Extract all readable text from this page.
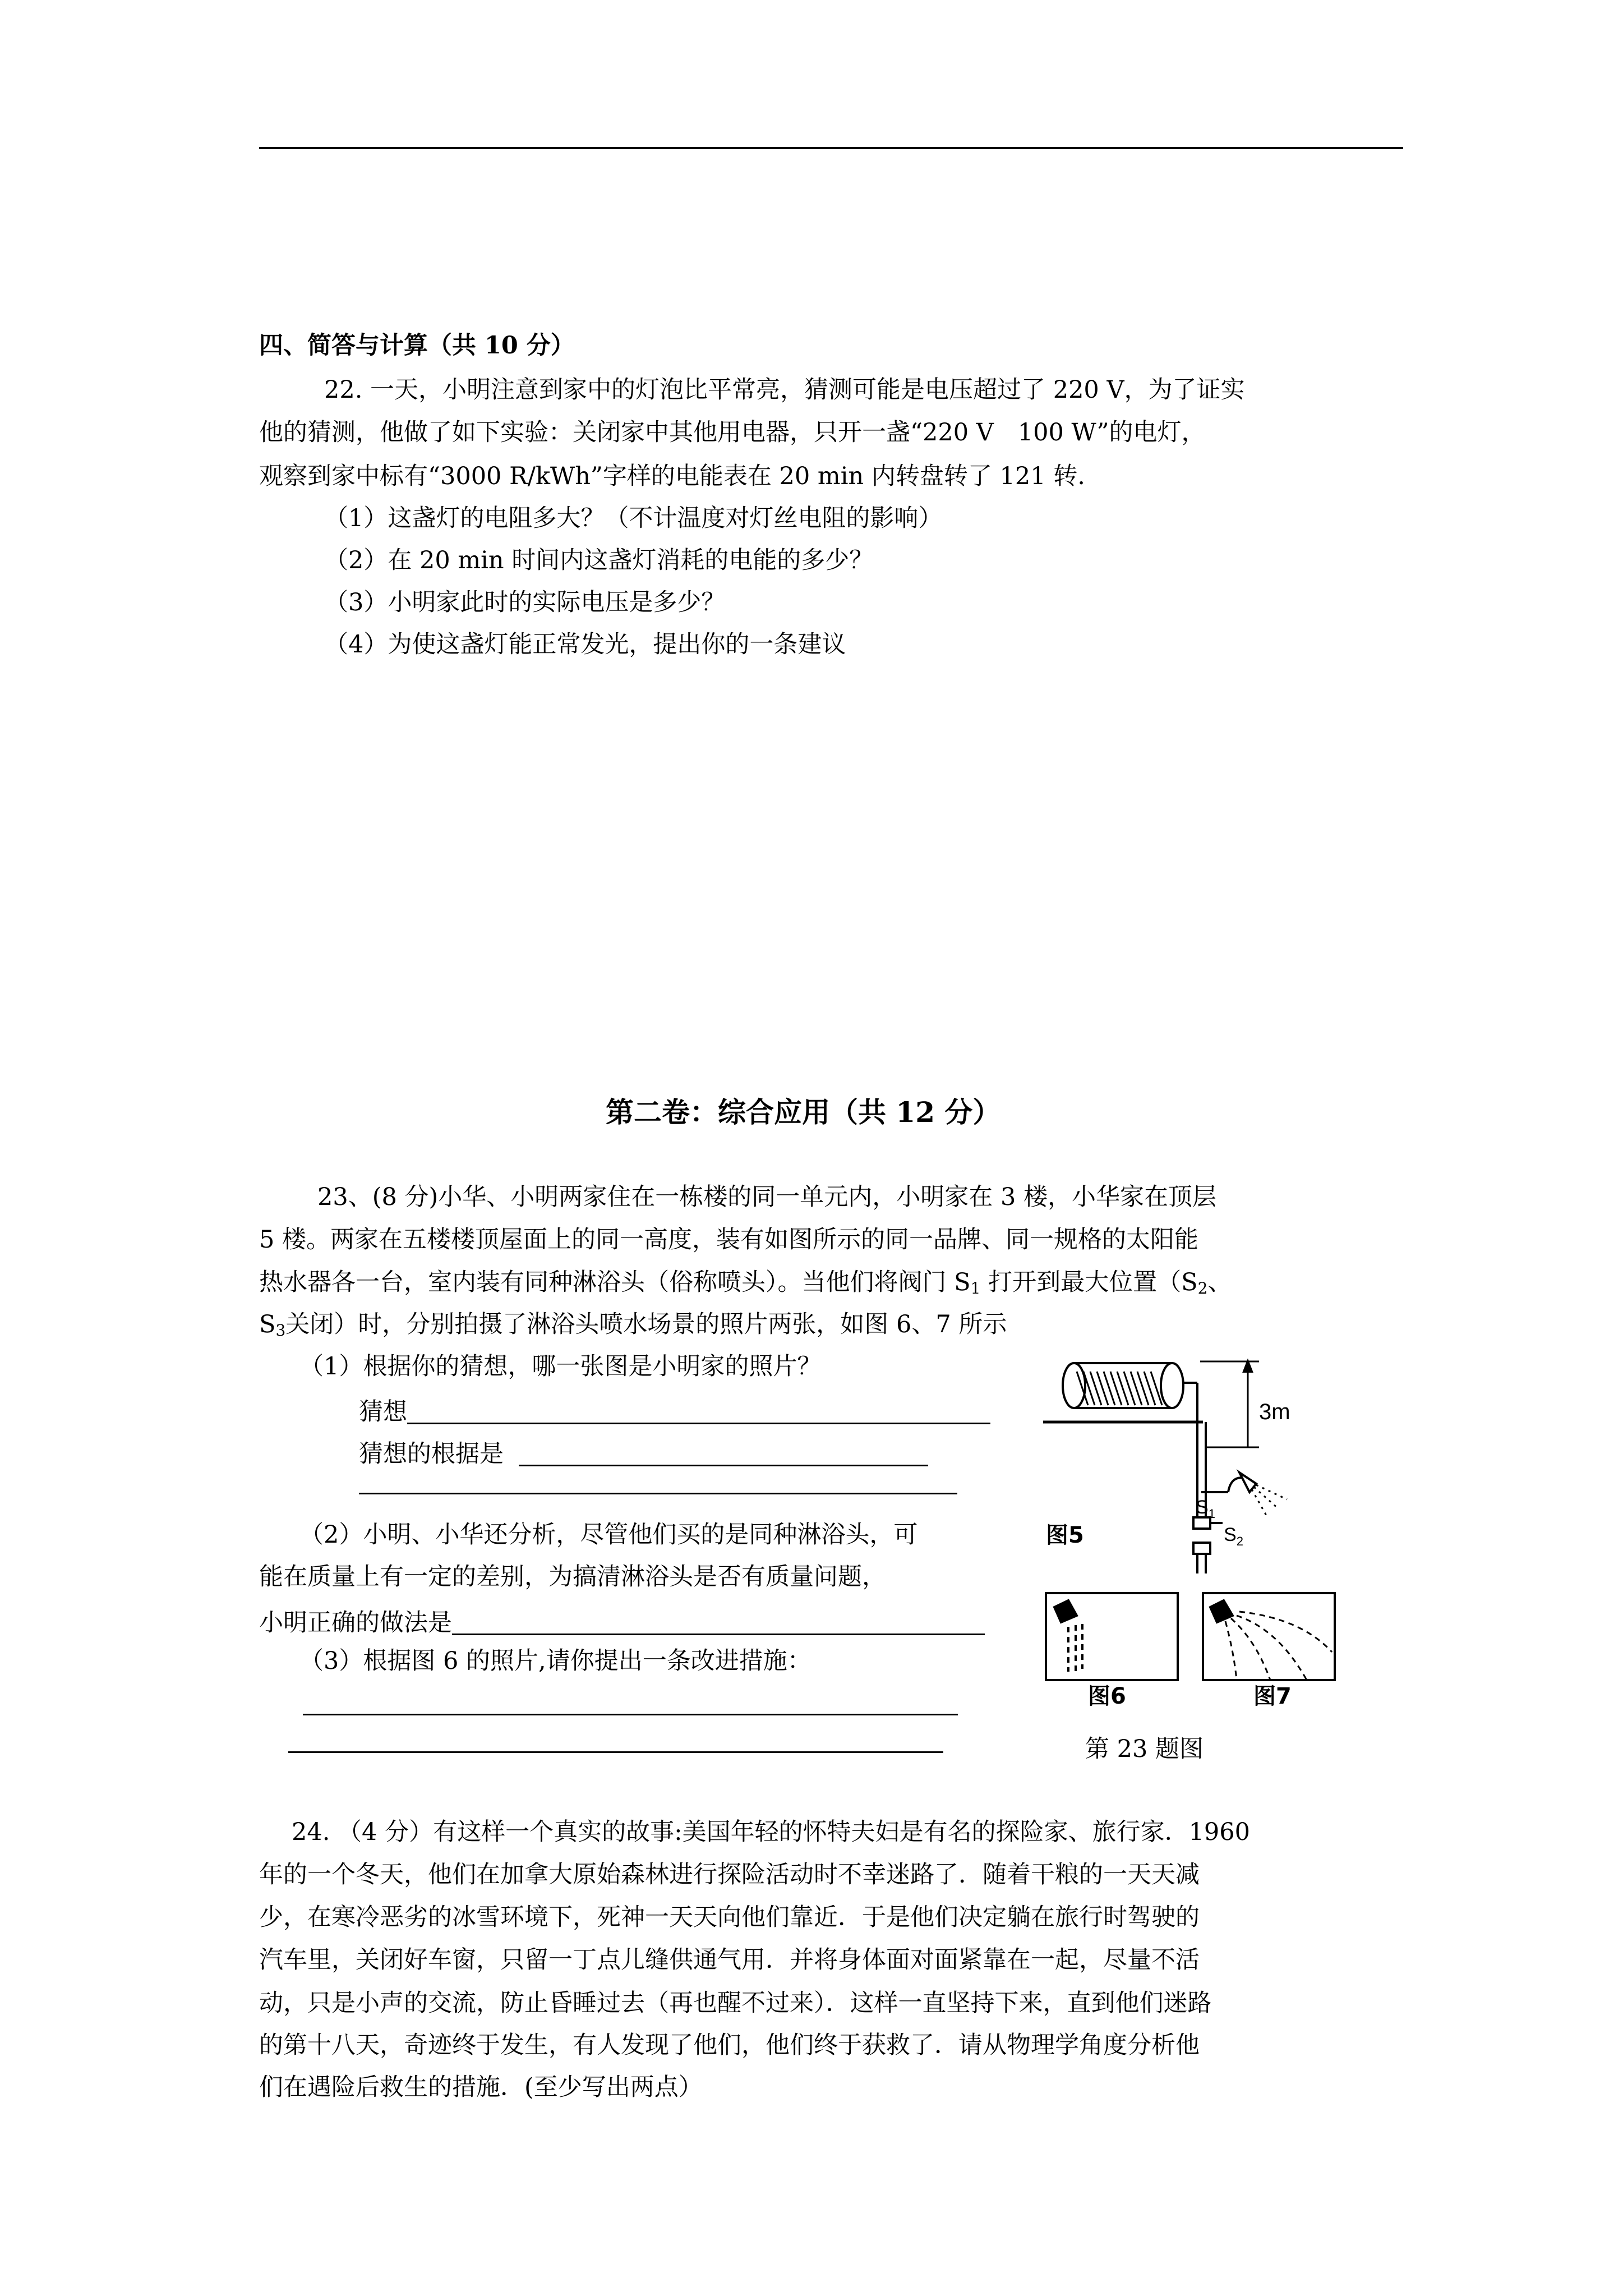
四、简答与计算（共 10 分）
22. 一天，小明注意到家中的灯泡比平常亮，猜测可能是电压超过了 220 V，为了证实
他的猜测，他做了如下实验：关闭家中其他用电器，只开一盏“220 V　100 W”的电灯，
观察到家中标有“3000 R/kWh”字样的电能表在 20 min 内转盘转了 121 转.
（1）这盏灯的电阻多大？（不计温度对灯丝电阻的影响）
（2）在 20 min 时间内这盏灯消耗的电能的多少？
（3）小明家此时的实际电压是多少？
（4）为使这盏灯能正常发光，提出你的一条建议
第二卷：综合应用（共 12 分）
23、(8 分)小华、小明两家住在一栋楼的同一单元内，小明家在 3 楼，小华家在顶层
5 楼。两家在五楼楼顶屋面上的同一高度，装有如图所示的同一品牌、同一规格的太阳能
热水器各一台，室内装有同种淋浴头（俗称喷头）。当他们将阀门 $S_1$ 打开到最大位置（$S_2$、
$S_3$关闭）时，分别拍摄了淋浴头喷水场景的照片两张，如图 6、7 所示
（1）根据你的猜想，哪一张图是小明家的照片？
猜想
猜想的根据是
（2）小明、小华还分析，尽管他们买的是同种淋浴头，可
能在质量上有一定的差别，为搞清淋浴头是否有质量问题，
小明正确的做法是
（3）根据图 6 的照片,请你提出一条改进措施：
3m
$S_1$
$S_2$
图5
图6	图7
第 23 题图
24. （4 分）有这样一个真实的故事:美国年轻的怀特夫妇是有名的探险家、旅行家．1960
年的一个冬天，他们在加拿大原始森林进行探险活动时不幸迷路了．随着干粮的一天天减
少，在寒冷恶劣的冰雪环境下，死神一天天向他们靠近．于是他们决定躺在旅行时驾驶的
汽车里，关闭好车窗，只留一丁点儿缝供通气用．并将身体面对面紧靠在一起，尽量不活
动，只是小声的交流，防止昏睡过去（再也醒不过来）．这样一直坚持下来，直到他们迷路
的第十八天，奇迹终于发生，有人发现了他们，他们终于获救了．请从物理学角度分析他
们在遇险后救生的措施．(至少写出两点）
